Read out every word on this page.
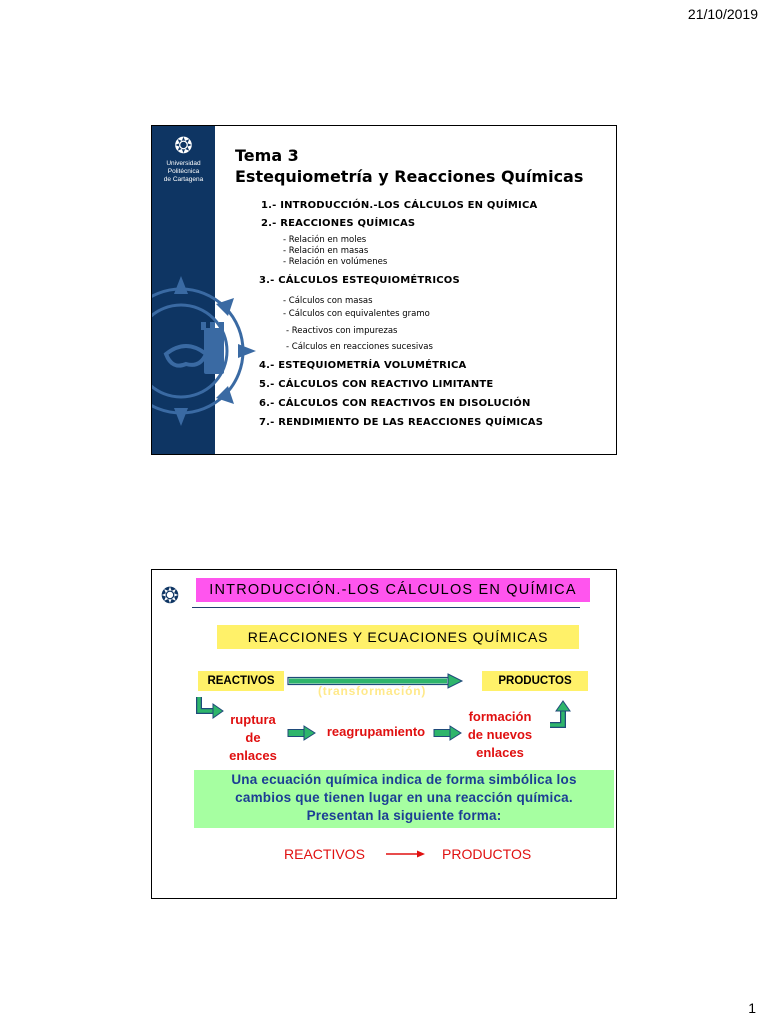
21/10/2019
❂
Universidad
Politécnica
de Cartagena
Tema 3
Estequiometría y Reacciones Químicas
1.- INTRODUCCIÓN.-LOS CÁLCULOS EN QUÍMICA
2.- REACCIONES QUÍMICAS
- Relación en moles
- Relación en masas
- Relación en volúmenes
3.- CÁLCULOS ESTEQUIOMÉTRICOS
- Cálculos con masas
- Cálculos con equivalentes gramo
- Reactivos con impurezas
- Cálculos en reacciones sucesivas
4.- ESTEQUIOMETRÍA VOLUMÉTRICA
5.- CÁLCULOS CON REACTIVO LIMITANTE
6.- CÁLCULOS CON REACTIVOS EN DISOLUCIÓN
7.- RENDIMIENTO DE LAS REACCIONES QUÍMICAS
❂	INTRODUCCIÓN.-LOS CÁLCULOS EN QUÍMICA
REACCIONES Y ECUACIONES QUÍMICAS
REACTIVOS	PRODUCTOS
(transformación)
ruptura
de
enlaces
reagrupamiento
formación
de nuevos
enlaces
Una ecuación química indica de forma simbólica los
cambios que tienen lugar en una reacción química.
Presentan la siguiente forma:
REACTIVOS	PRODUCTOS
1
